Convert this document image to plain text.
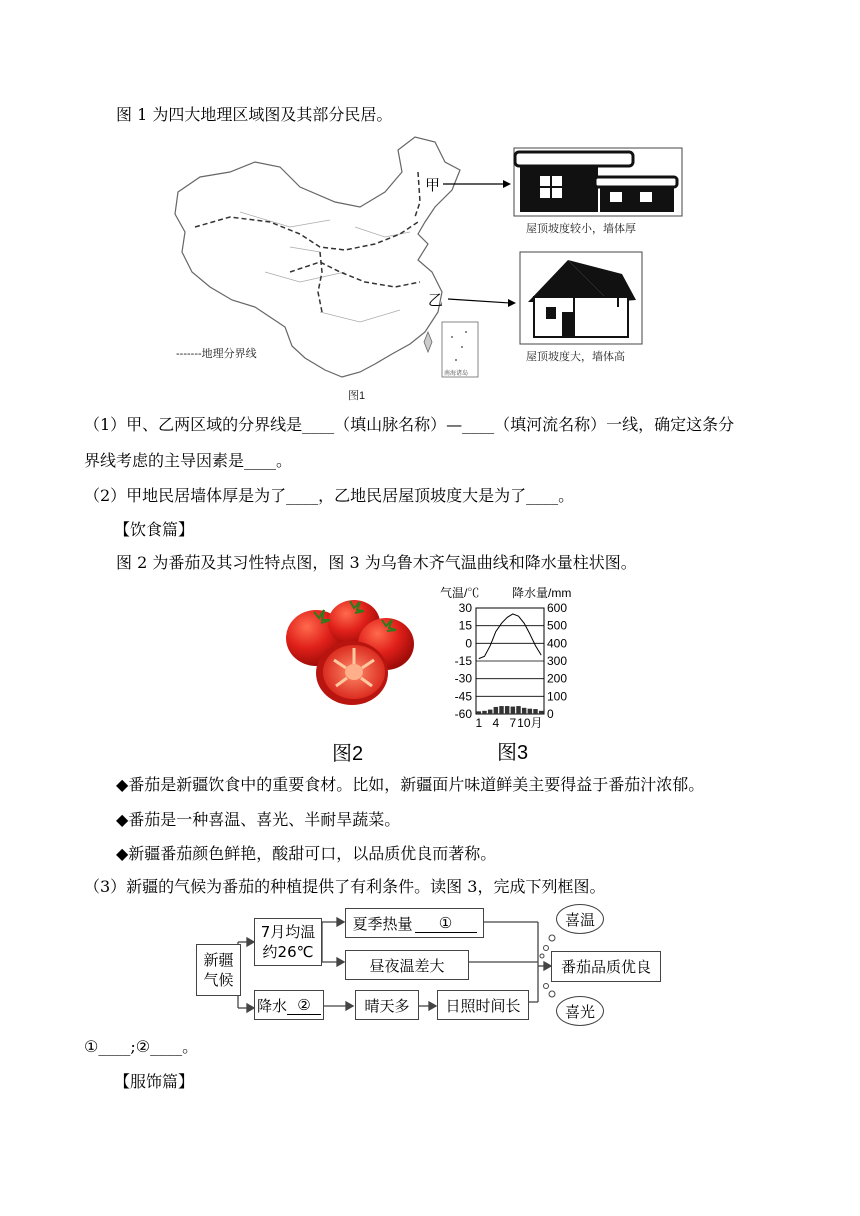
图 1 为四大地理区域图及其部分民居。
南海诸岛
甲
乙
屋顶坡度较小，墙体厚
屋顶坡度大，墙体高
-------地理分界线
图1
（1）甲、乙两区域的分界线是____（填山脉名称）—____（填河流名称）一线，确定这条分
界线考虑的主导因素是____。
（2）甲地民居墙体厚是为了____，乙地民居屋顶坡度大是为了____。
【饮食篇】
图 2 为番茄及其习性特点图，图 3 为乌鲁木齐气温曲线和降水量柱状图。
气温/℃	降水量/mm
30	600
15	500
0	400
-15	300
-30	200
-45	100
-60	0
1 4 7 10月
图2	图3
◆番茄是新疆饮食中的重要食材。比如，新疆面片味道鲜美主要得益于番茄汁浓郁。
◆番茄是一种喜温、喜光、半耐旱蔬菜。
◆新疆番茄颜色鲜艳，酸甜可口，以品质优良而著称。
（3）新疆的气候为番茄的种植提供了有利条件。读图 3，完成下列框图。
新疆
气候
7月均温
约26℃
夏季热量	①
昼夜温差大
降水 ②	晴天多	日照时间长
番茄品质优良
喜温
喜光
①____;②____。
【服饰篇】
